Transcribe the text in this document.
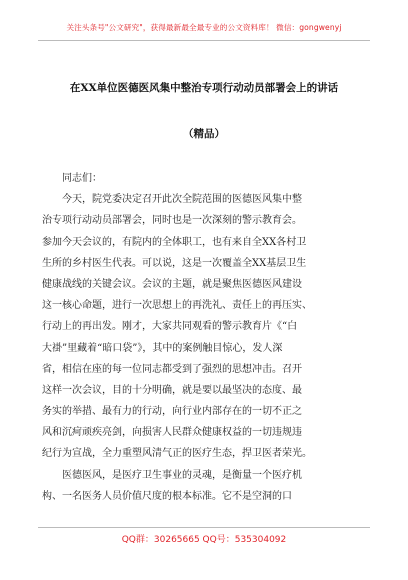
关注头条号"公文研究"，获得最新最全最专业的公文资料库！ 微信：gongwenyj
在XX单位医德医风集中整治专项行动动员部署会上的讲话
（精品）
同志们：
今天，院党委决定召开此次全院范围的医德医风集中整
治专项行动动员部署会，同时也是一次深刻的警示教育会。
参加今天会议的，有院内的全体职工，也有来自全XX各村卫
生所的乡村医生代表。可以说，这是一次覆盖全XX基层卫生
健康战线的关键会议。会议的主题，就是聚焦医德医风建设
这一核心命题，进行一次思想上的再洗礼、责任上的再压实、
行动上的再出发。刚才，大家共同观看的警示教育片《“白
大褂”里藏着“暗口袋”》，其中的案例触目惊心，发人深
省，相信在座的每一位同志都受到了强烈的思想冲击。召开
这样一次会议，目的十分明确，就是要以最坚决的态度、最
务实的举措、最有力的行动，向行业内部存在的一切不正之
风和沉疴顽疾亮剑，向损害人民群众健康权益的一切违规违
纪行为宣战，全力重塑风清气正的医疗生态，捍卫医者荣光。
医德医风，是医疗卫生事业的灵魂，是衡量一个医疗机
构、一名医务人员价值尺度的根本标准。它不是空洞的口
QQ群：30265665 QQ号：535304092
